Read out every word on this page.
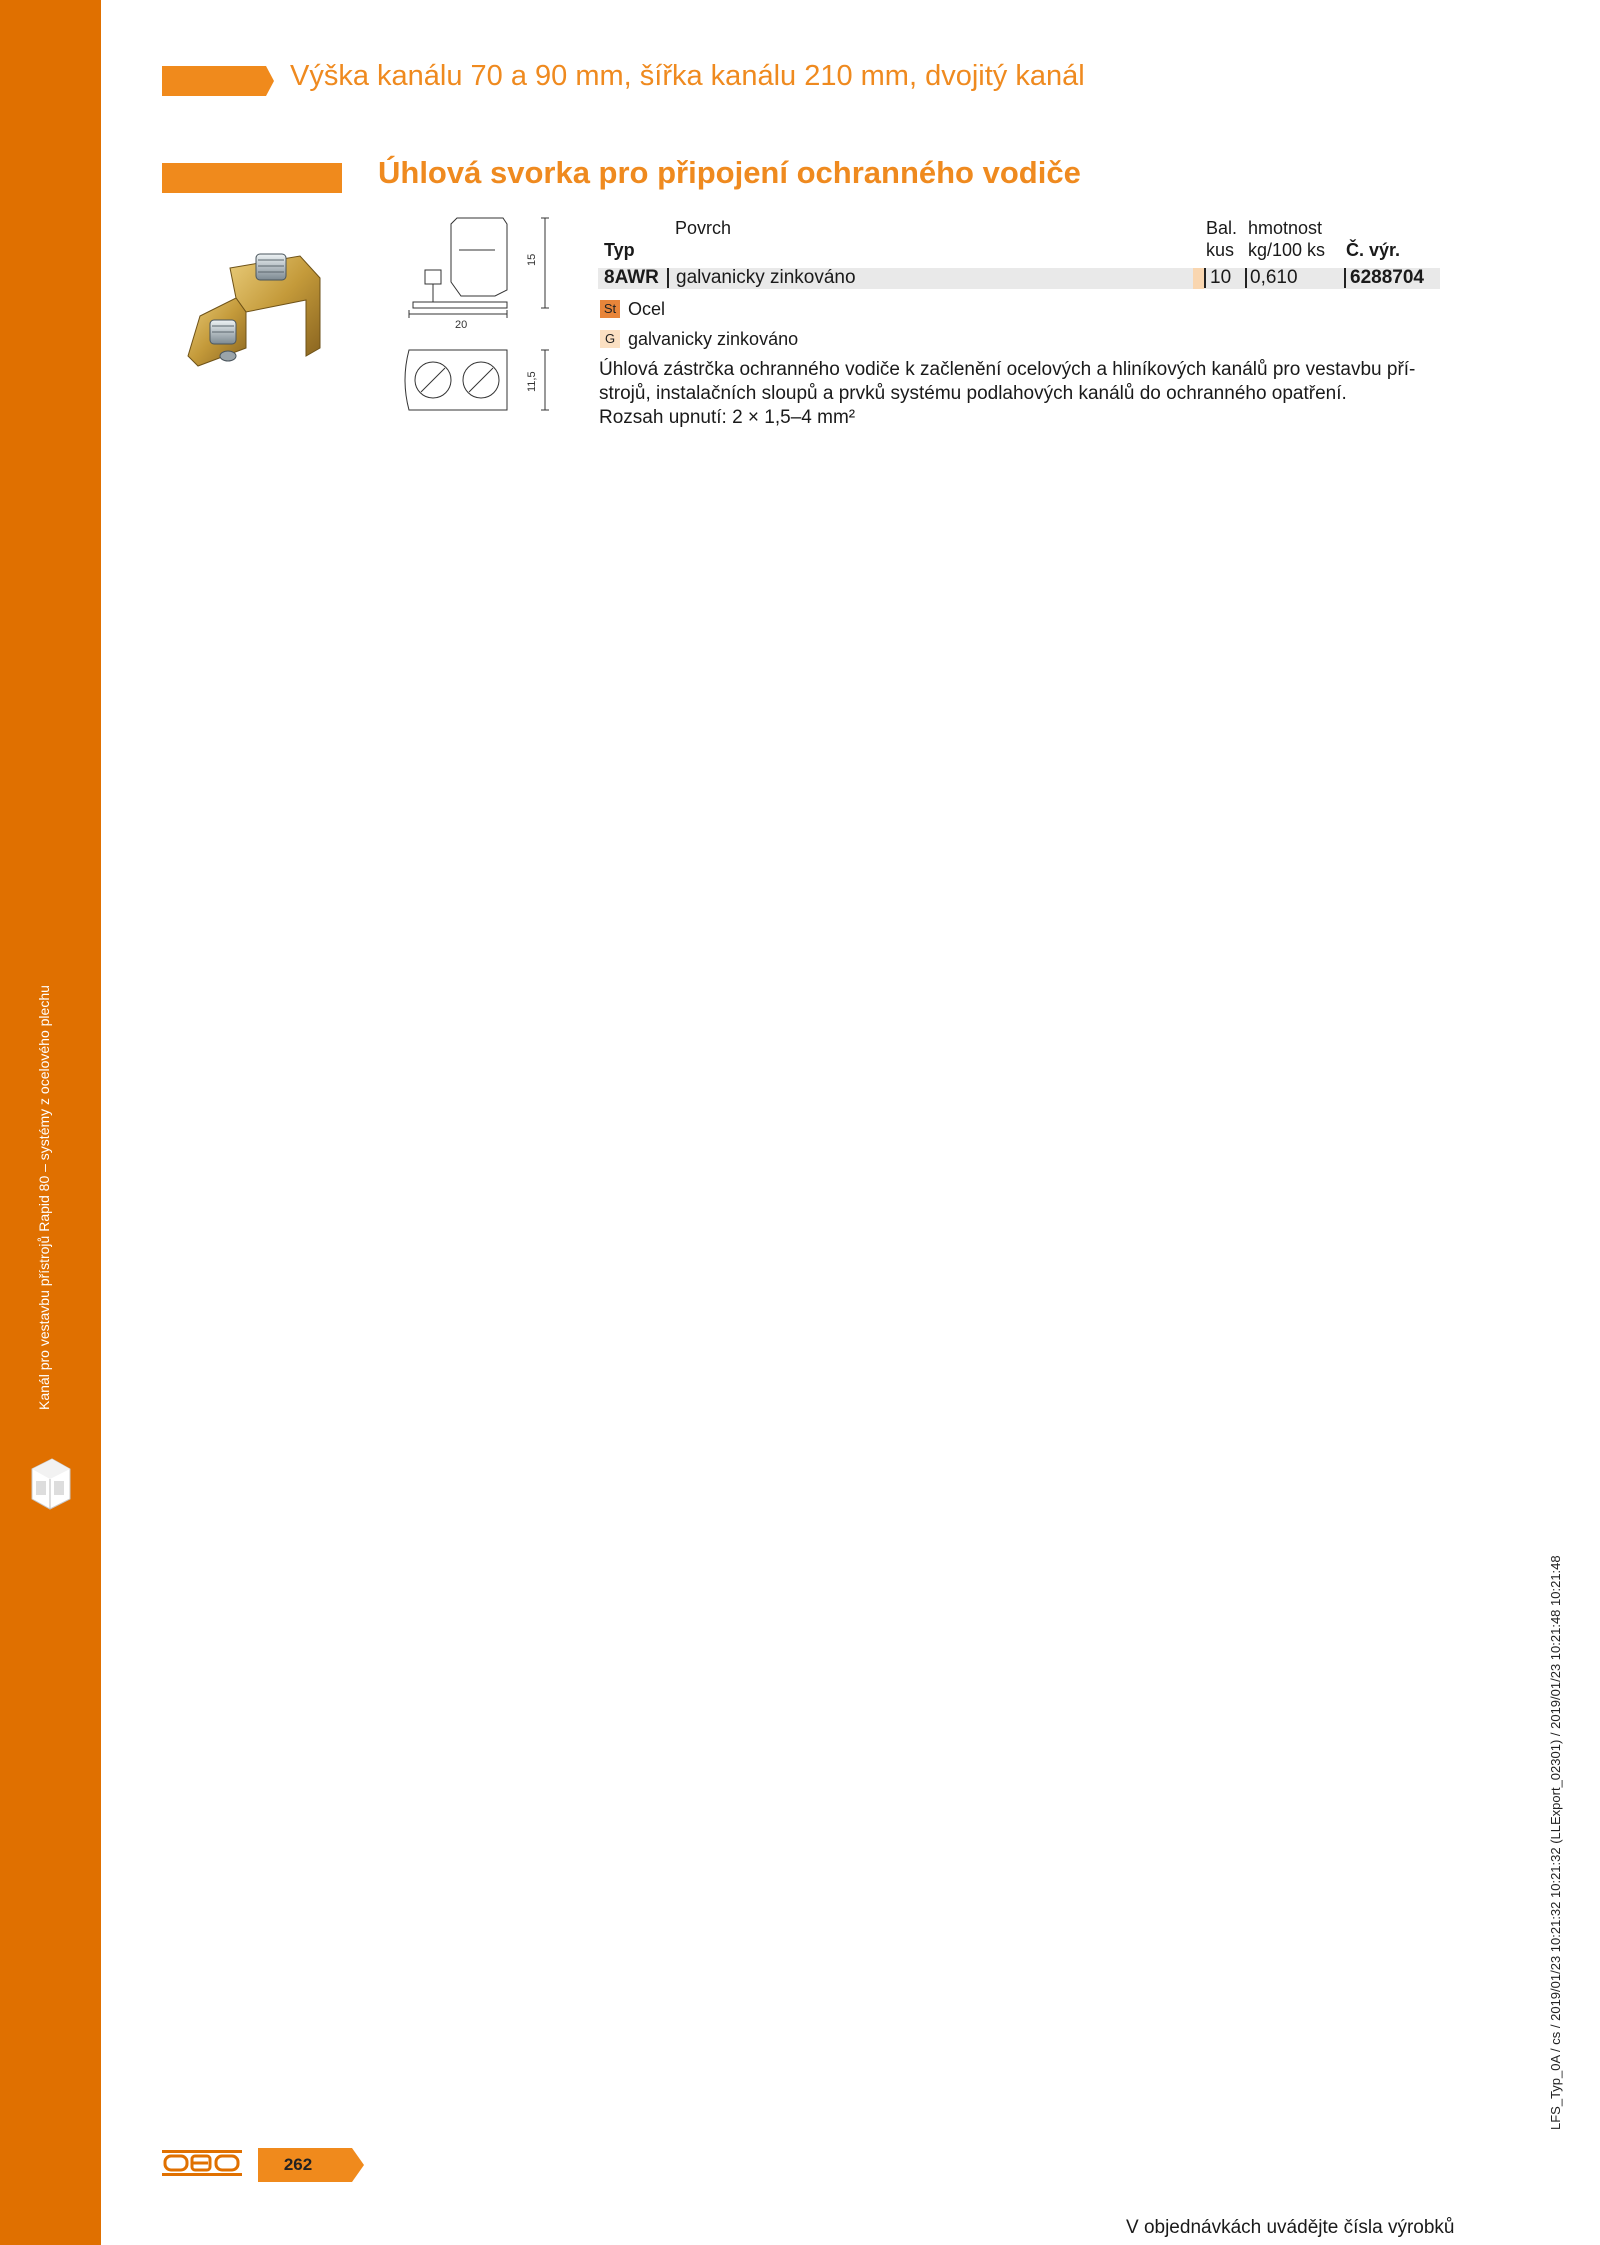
Kanál pro vestavbu přístrojů Rapid 80 – systémy z ocelového plechu
Výška kanálu 70 a 90 mm, šířka kanálu 210 mm, dvojitý kanál
Úhlová svorka pro připojení ochranného vodiče
20
15
11,5
Povrch
Typ
Bal.
kus
hmotnost
kg/100 ks Č. výr.
8AWR galvanicky zinkováno	10 0,610	6288704
St Ocel
G galvanicky zinkováno
Úhlová zástrčka ochranného vodiče k začlenění ocelových a hliníkových kanálů pro vestavbu pří-
strojů, instalačních sloupů a prvků systému podlahových kanálů do ochranného opatření.
Rozsah upnutí: 2 × 1,5–4 mm²
LFS_Typ_0A / cs / 2019/01/23 10:21:32 10:21:32 (LLExport_02301) / 2019/01/23 10:21:48 10:21:48
262
V objednávkách uvádějte čísla výrobků
